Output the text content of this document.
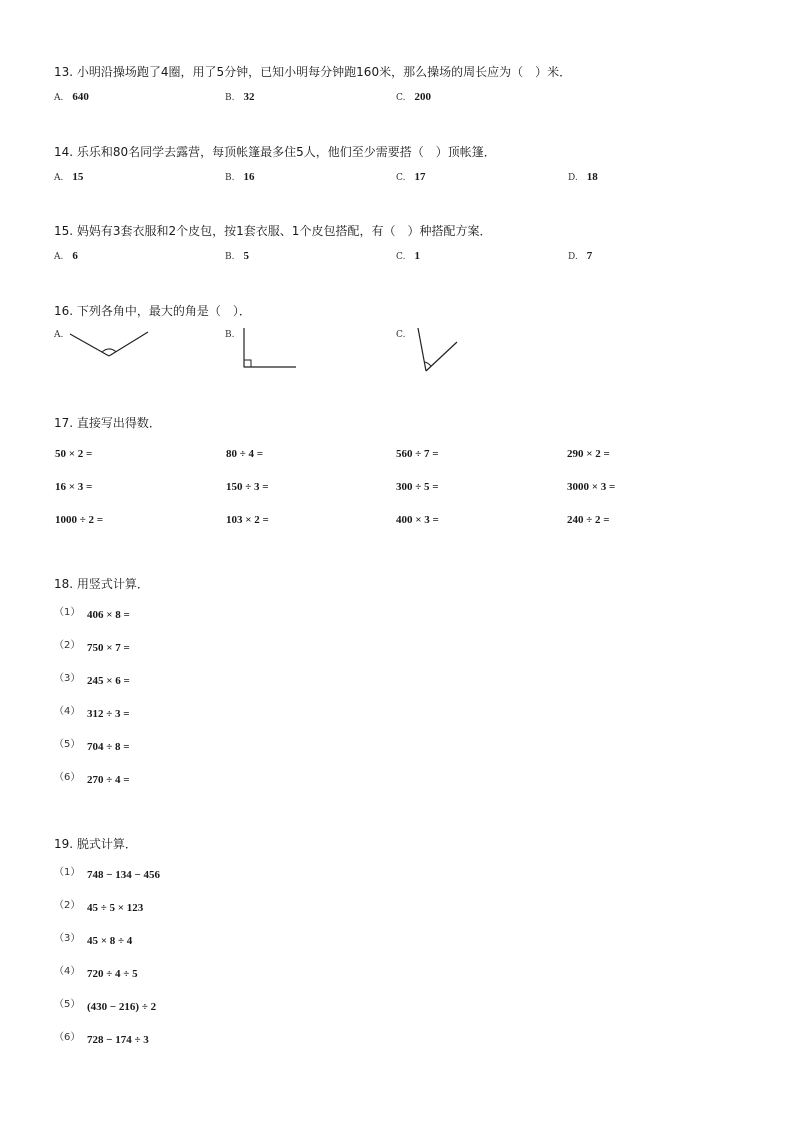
13. 小明沿操场跑了4圈，用了5分钟，已知小明每分钟跑160米，那么操场的周长应为（　）米．
A. 640	B. 32	C. 200
14. 乐乐和80名同学去露营，每顶帐篷最多住5人，他们至少需要搭（　）顶帐篷．
A. 15	B. 16	C. 17	D. 18
15. 妈妈有3套衣服和2个皮包，按1套衣服、1个皮包搭配，有（　）种搭配方案．
A. 6	B. 5	C. 1	D. 7
16. 下列各角中，最大的角是（　）．
A.	B.	C.
17. 直接写出得数．
50 × 2 =	80 ÷ 4 =	560 ÷ 7 =	290 × 2 =
16 × 3 =	150 ÷ 3 =	300 ÷ 5 =	3000 × 3 =
1000 ÷ 2 =	103 × 2 =	400 × 3 =	240 ÷ 2 =
18. 用竖式计算．
（1） 406 × 8 =
（2） 750 × 7 =
（3） 245 × 6 =
（4） 312 ÷ 3 =
（5） 704 ÷ 8 =
（6） 270 ÷ 4 =
19. 脱式计算．
（1） 748 − 134 − 456
（2） 45 ÷ 5 × 123
（3） 45 × 8 ÷ 4
（4） 720 ÷ 4 ÷ 5
（5） (430 − 216) ÷ 2
（6） 728 − 174 ÷ 3
